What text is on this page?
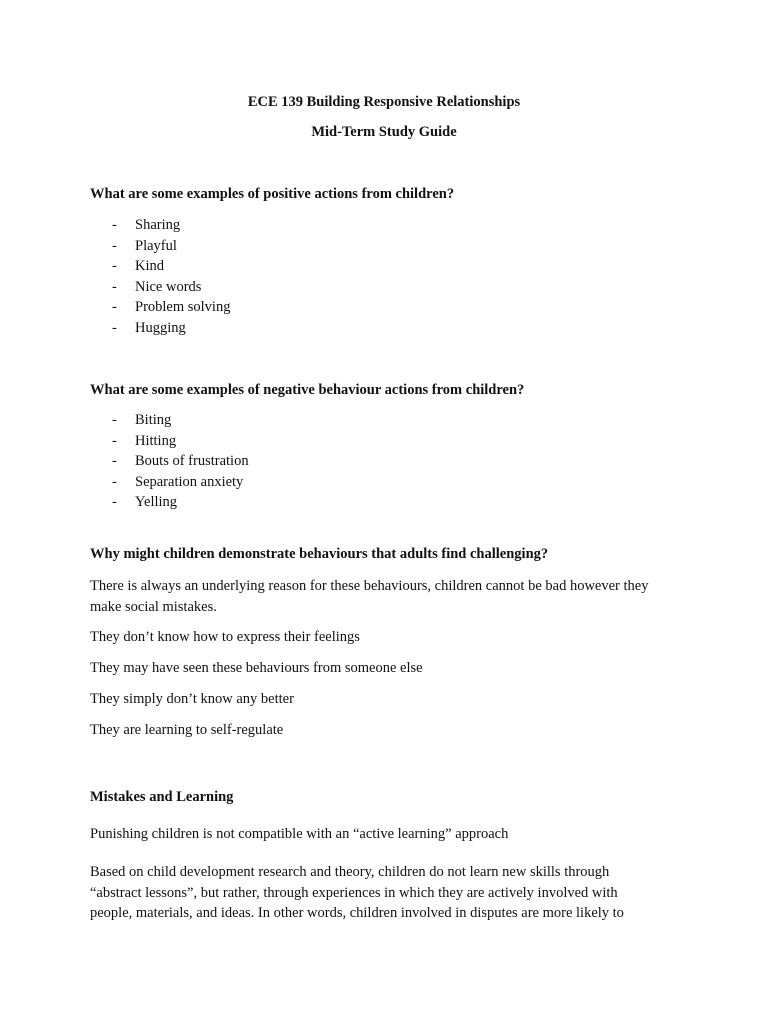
ECE 139 Building Responsive Relationships
Mid-Term Study Guide
What are some examples of positive actions from children?
- Sharing
- Playful
- Kind
- Nice words
- Problem solving
- Hugging
What are some examples of negative behaviour actions from children?
- Biting
- Hitting
- Bouts of frustration
- Separation anxiety
- Yelling
Why might children demonstrate behaviours that adults find challenging?
There is always an underlying reason for these behaviours, children cannot be bad however they make social mistakes.
They don’t know how to express their feelings
They may have seen these behaviours from someone else
They simply don’t know any better
They are learning to self-regulate
Mistakes and Learning
Punishing children is not compatible with an “active learning” approach
Based on child development research and theory, children do not learn new skills through “abstract lessons”, but rather, through experiences in which they are actively involved with people, materials, and ideas. In other words, children involved in disputes are more likely to
